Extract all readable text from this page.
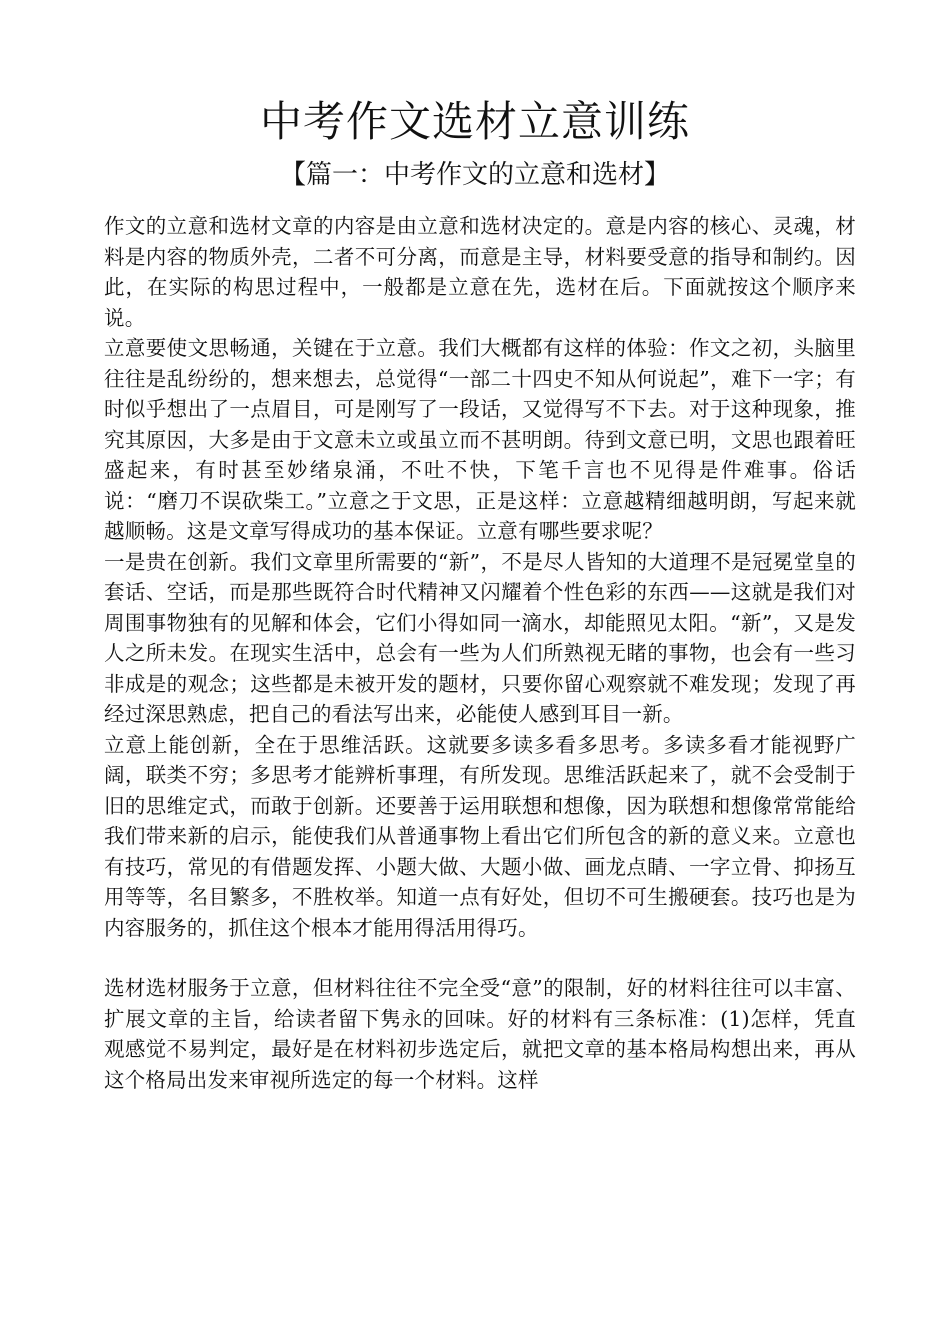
中考作文选材立意训练
【篇一：中考作文的立意和选材】

作文的立意和选材文章的内容是由立意和选材决定的。意是内容的核心、灵魂，材料是内容的物质外壳，二者不可分离，而意是主导，材料要受意的指导和制约。因此，在实际的构思过程中，一般都是立意在先，选材在后。下面就按这个顺序来说。

立意要使文思畅通，关键在于立意。我们大概都有这样的体验：作文之初，头脑里往往是乱纷纷的，想来想去，总觉得“一部二十四史不知从何说起”，难下一字；有时似乎想出了一点眉目，可是刚写了一段话，又觉得写不下去。对于这种现象，推究其原因，大多是由于文意未立或虽立而不甚明朗。待到文意已明，文思也跟着旺盛起来，有时甚至妙绪泉涌，不吐不快，下笔千言也不见得是件难事。俗话说：“磨刀不误砍柴工。”立意之于文思，正是这样：立意越精细越明朗，写起来就越顺畅。这是文章写得成功的基本保证。立意有哪些要求呢？

一是贵在创新。我们文章里所需要的“新”，不是尽人皆知的大道理不是冠冕堂皇的套话、空话，而是那些既符合时代精神又闪耀着个性色彩的东西——这就是我们对周围事物独有的见解和体会，它们小得如同一滴水，却能照见太阳。“新”，又是发人之所未发。在现实生活中，总会有一些为人们所熟视无睹的事物，也会有一些习非成是的观念；这些都是未被开发的题材，只要你留心观察就不难发现；发现了再经过深思熟虑，把自己的看法写出来，必能使人感到耳目一新。

立意上能创新，全在于思维活跃。这就要多读多看多思考。多读多看才能视野广阔，联类不穷；多思考才能辨析事理，有所发现。思维活跃起来了，就不会受制于旧的思维定式，而敢于创新。还要善于运用联想和想像，因为联想和想像常常能给我们带来新的启示，能使我们从普通事物上看出它们所包含的新的意义来。立意也有技巧，常见的有借题发挥、小题大做、大题小做、画龙点睛、一字立骨、抑扬互用等等，名目繁多，不胜枚举。知道一点有好处，但切不可生搬硬套。技巧也是为内容服务的，抓住这个根本才能用得活用得巧。

选材选材服务于立意，但材料往往不完全受“意”的限制，好的材料往往可以丰富、扩展文章的主旨，给读者留下隽永的回味。好的材料有三条标准：(1)怎样，凭直观感觉不易判定，最好是在材料初步选定后，就把文章的基本格局构想出来，再从这个格局出发来审视所选定的每一个材料。这样
